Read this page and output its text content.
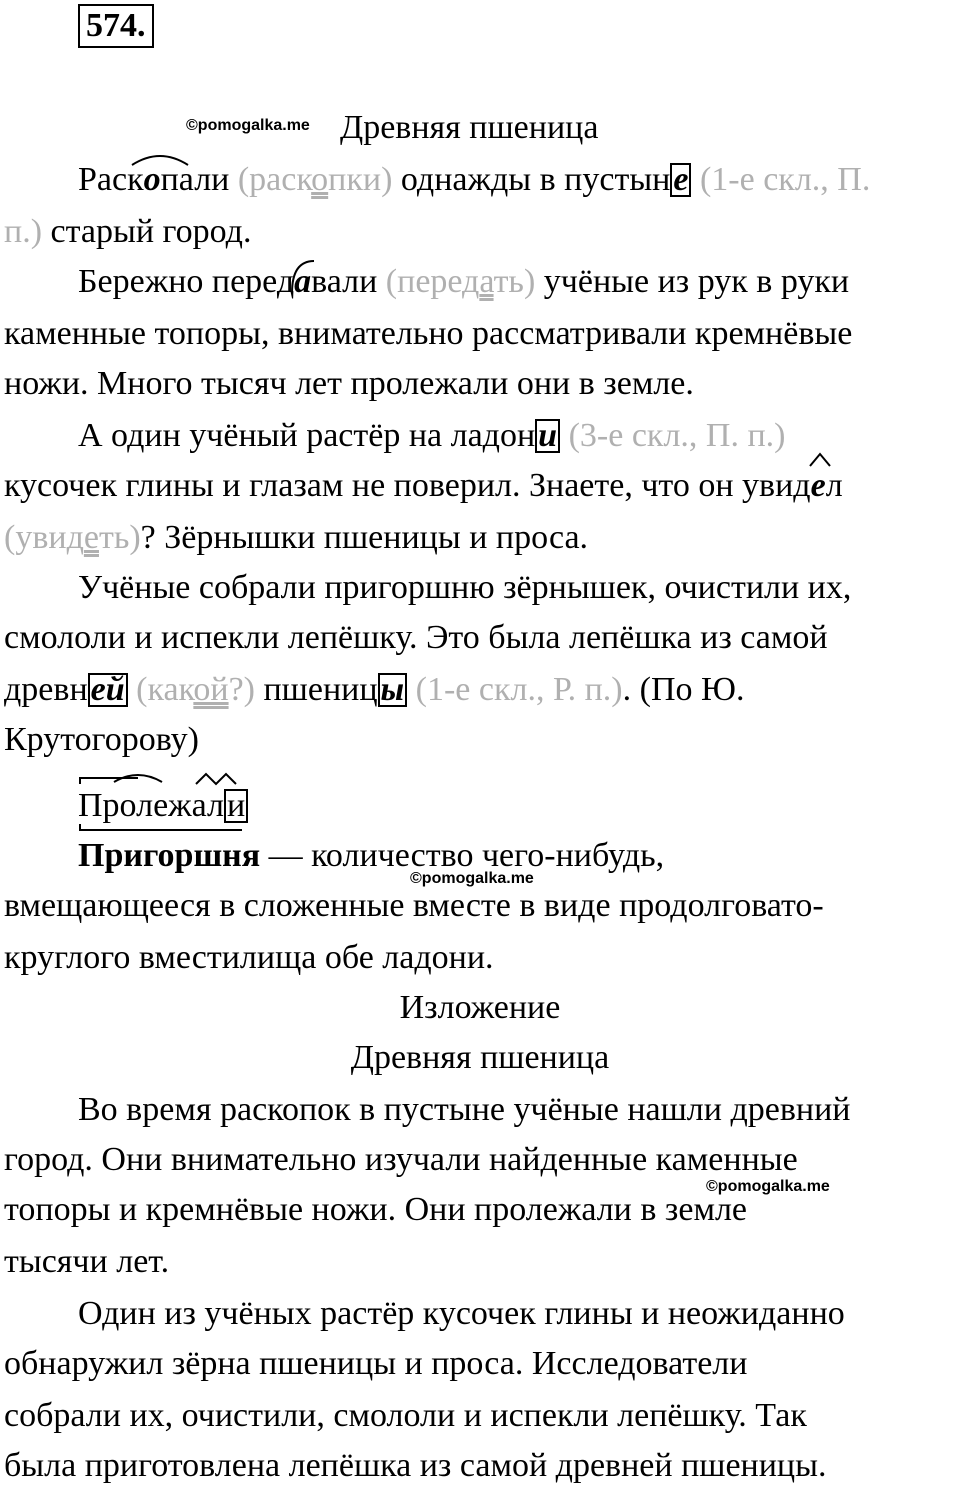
574.
©pomogalka.me Древняя пшеница
Раско
пали (раскопки) однажды в пустыне (1-е скл., П.
п.) старый город.
Бережно переда
вали (передать) учёные из рук в руки
каменные топоры, внимательно рассматривали кремнёвые
ножи. Много тысяч лет пролежали они в земле.
А один учёный растёр на ладони (3-е скл., П. п.)
кусочек глины и глазам не поверил. Знаете, что он увиде
л
(увидеть)? Зёрнышки пшеницы и проса.
Учёные собрали пригоршню зёрнышек, очистили их,
смололи и испекли лепёшку. Это была лепёшка из самой
древней (какой?) пшеницы (1-е скл., Р. п.). (По Ю.
Крутогорову)
Пролежал
и
Пригоршня — количество чего-нибудь,
©pomogalka.me
вмещающееся в сложенные вместе в виде продолговато-
круглого вместилища обе ладони.
Изложение
Древняя пшеница
Во время раскопок в пустыне учёные нашли древний
город. Они внимательно изучали найденные каменные
©pomogalka.me
топоры и кремнёвые ножи. Они пролежали в земле
тысячи лет.
Один из учёных растёр кусочек глины и неожиданно
обнаружил зёрна пшеницы и проса. Исследователи
собрали их, очистили, смололи и испекли лепёшку. Так
была приготовлена лепёшка из самой древней пшеницы.
